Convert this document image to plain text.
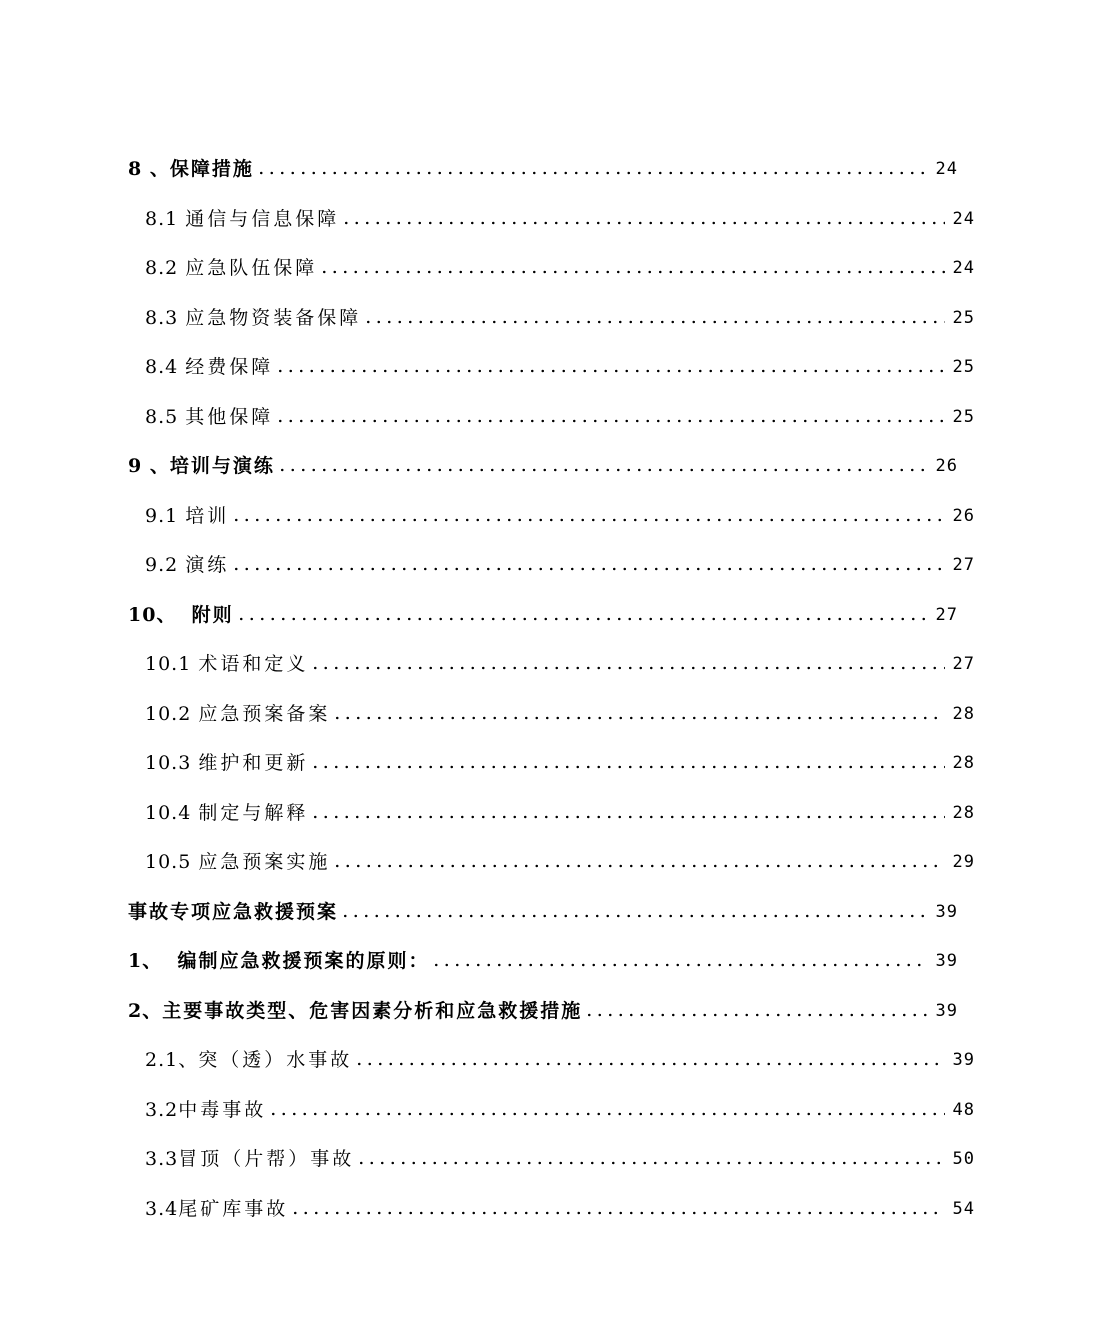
8 、 保障措施	24
8.1 通信与信息保障	24
8.2 应急队伍保障	24
8.3 应急物资装备保障	25
8.4 经费保障	25
8.5 其他保障	25
9 、 培训与演练	26
9.1 培训	26
9.2 演练	27
10、 附则	27
10.1 术语和定义	27
10.2 应急预案备案	28
10.3 维护和更新	28
10.4 制定与解释	28
10.5 应急预案实施	29
事故专项应急救援预案	39
1、 编制应急救援预案的原则：	39
2、 主要事故类型、危害因素分析和应急救援措施	39
2.1、 突（透）水事故	39
3.2 中毒事故	48
3.3 冒顶（片帮）事故	50
3.4 尾矿库事故	54
